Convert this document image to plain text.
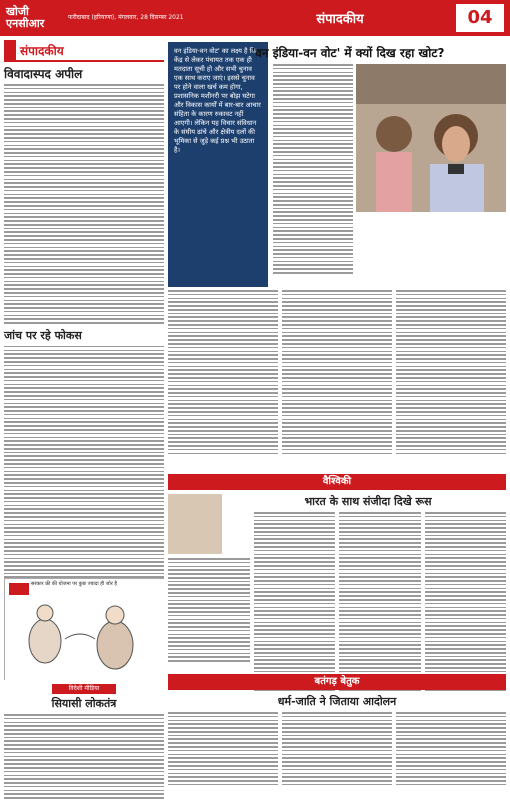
खोजी एनसीआर	फरीदाबाद (हरियाणा), मंगलवार, 28 दिसम्बर 2021	संपादकीय	04
संपादकीय
विवादास्पद अपील
जांच पर रहे फोकस
सरकार फ्री की योजना पर कुछ ज्यादा ही जोर है
विदेशी मीडिया
सियासी लोकतंत्र
वन इंडिया-वन वोट' का लक्ष्य है कि केंद्र से लेकर पंचायत तक एक ही मतदाता सूची हो और सभी चुनाव एक साथ कराए जाएं। इससे चुनाव पर होने वाला खर्च कम होगा, प्रशासनिक मशीनरी पर बोझ घटेगा और विकास कार्यों में बार-बार आचार संहिता के कारण रुकावट नहीं आएगी। लेकिन यह विचार संविधान के संघीय ढांचे और क्षेत्रीय दलों की भूमिका से जुड़े कई प्रश्न भी उठाता है।
'वन इंडिया-वन वोट' में क्यों दिख रहा खोट?
वैश्विकी
भारत के साथ संजीदा दिखे रूस
बतंगड़ बेतुक
धर्म-जाति ने जिताया आदोलन
